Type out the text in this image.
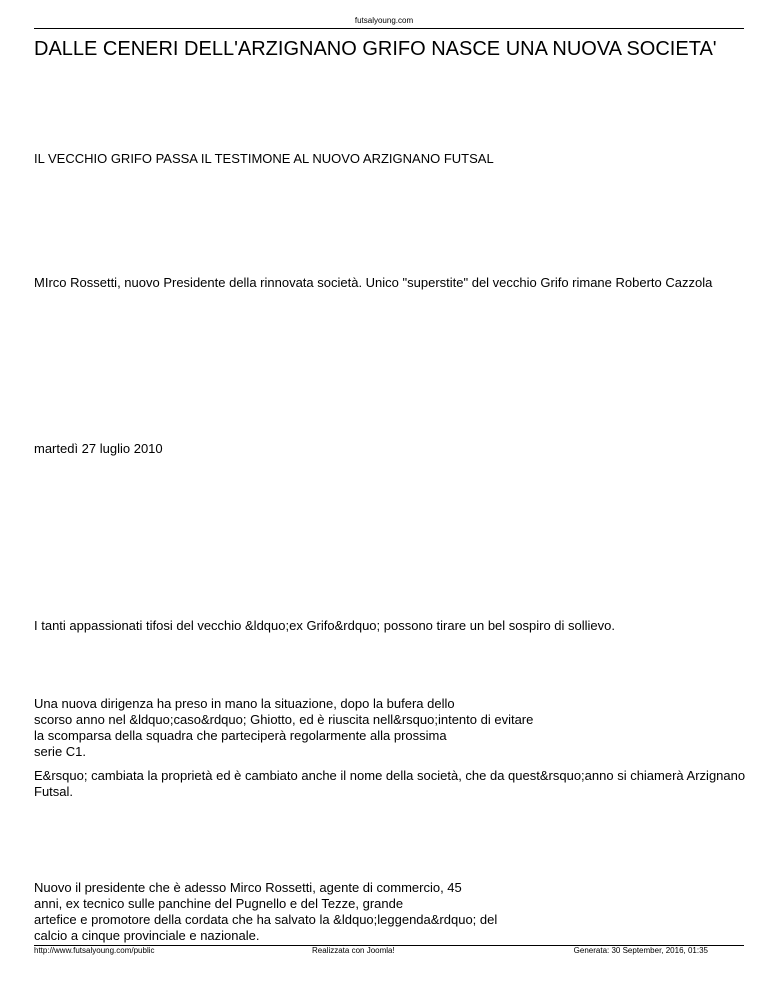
futsalyoung.com
DALLE CENERI DELL'ARZIGNANO GRIFO NASCE UNA NUOVA SOCIETA'
IL VECCHIO GRIFO PASSA IL TESTIMONE AL NUOVO ARZIGNANO FUTSAL
MIrco Rossetti, nuovo Presidente della rinnovata società. Unico "superstite" del vecchio Grifo rimane Roberto Cazzola
martedì 27 luglio 2010
I tanti appassionati tifosi del vecchio &ldquo;ex Grifo&rdquo; possono tirare un bel sospiro di sollievo.
Una nuova dirigenza ha preso in mano la situazione, dopo la bufera dello
scorso anno nel &ldquo;caso&rdquo; Ghiotto, ed è riuscita nell&rsquo;intento di evitare
la scomparsa della squadra che parteciperà regolarmente alla prossima
serie C1.
E&rsquo; cambiata la proprietà ed è cambiato anche il nome della società, che da quest&rsquo;anno si chiamerà Arzignano Futsal.
Nuovo il presidente che è adesso Mirco Rossetti, agente di commercio, 45
anni, ex tecnico sulle panchine del Pugnello e del Tezze, grande
artefice e promotore della cordata che ha salvato la &ldquo;leggenda&rdquo; del
calcio a cinque provinciale e nazionale.
http://www.futsalyoung.com/public	Realizzata con Joomla!	Generata: 30 September, 2016, 01:35
